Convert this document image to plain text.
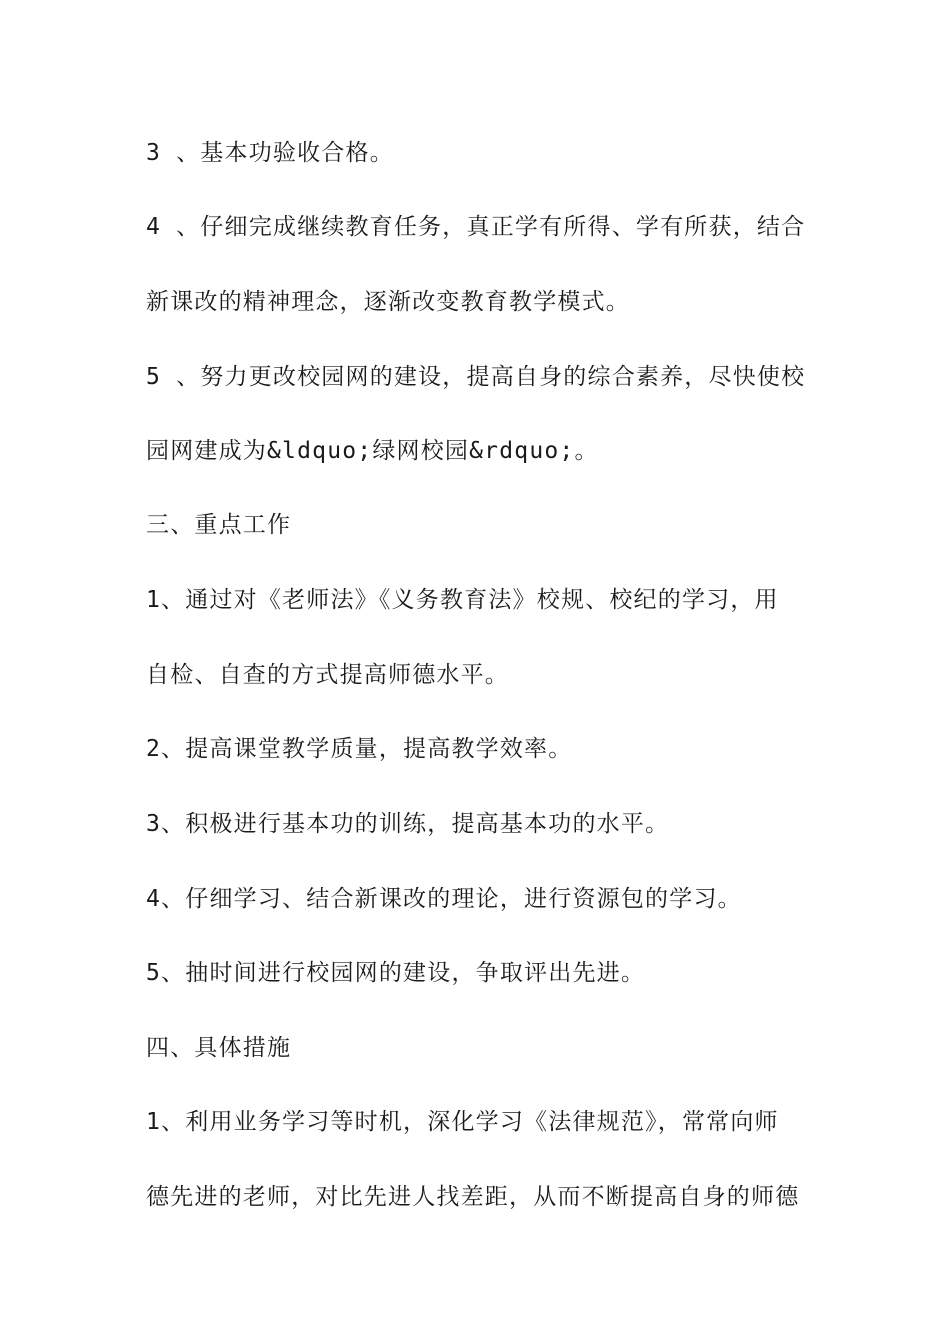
3 、基本功验收合格。
4 、仔细完成继续教育任务，真正学有所得、学有所获，结合
新课改的精神理念，逐渐改变教育教学模式。
5 、努力更改校园网的建设，提高自身的综合素养，尽快使校
园网建成为&ldquo;绿网校园&rdquo;。
三、重点工作
1、通过对《老师法》《义务教育法》校规、校纪的学习，用
自检、自查的方式提高师德水平。
2、提高课堂教学质量，提高教学效率。
3、积极进行基本功的训练，提高基本功的水平。
4、仔细学习、结合新课改的理论，进行资源包的学习。
5、抽时间进行校园网的建设，争取评出先进。
四、具体措施
1、利用业务学习等时机，深化学习《法律规范》，常常向师
德先进的老师，对比先进人找差距，从而不断提高自身的师德
